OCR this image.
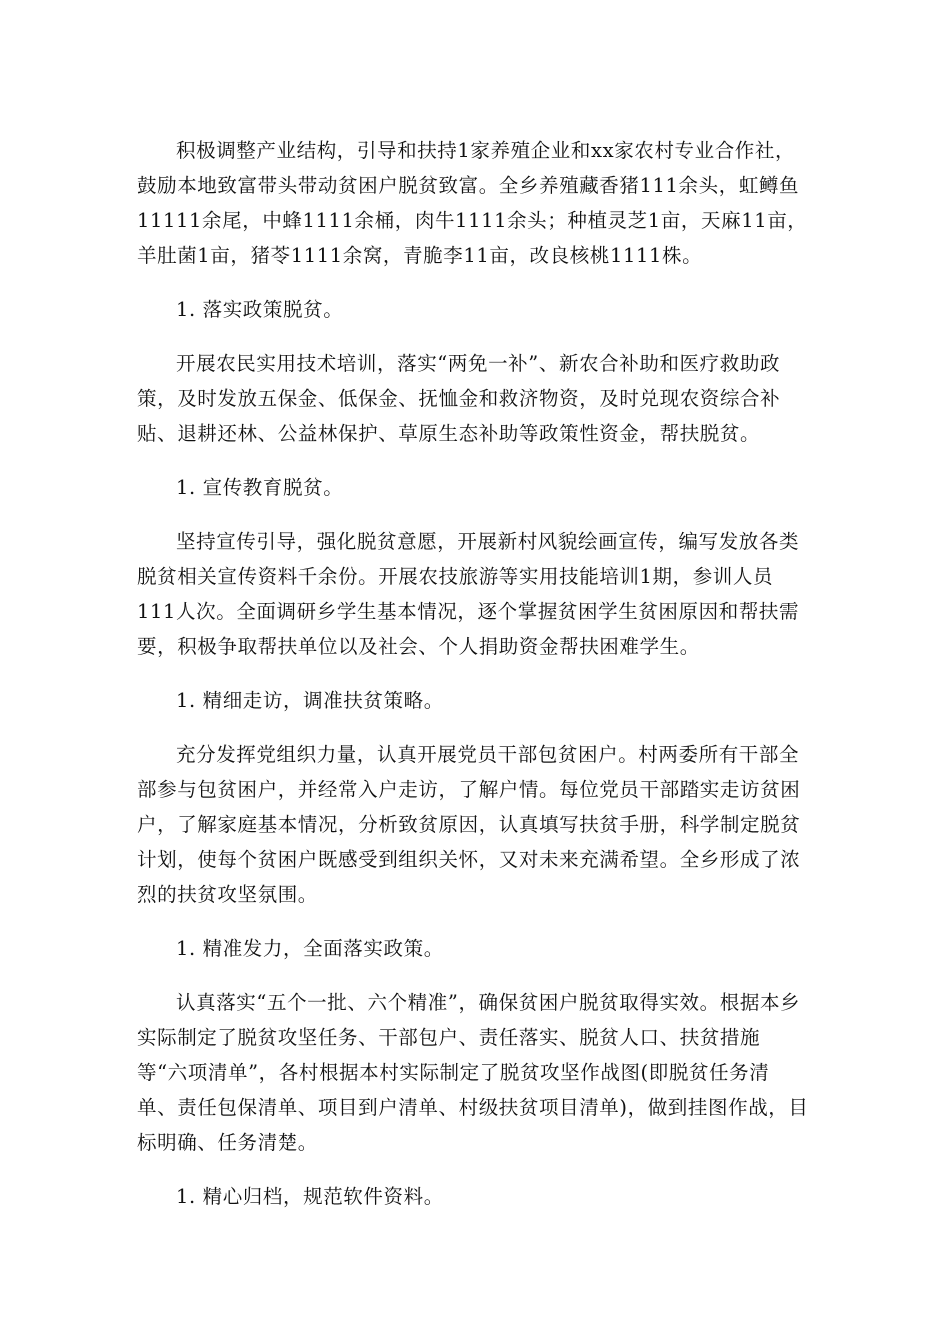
积极调整产业结构，引导和扶持1家养殖企业和xx家农村专业合作社，鼓励本地致富带头带动贫困户脱贫致富。全乡养殖藏香猪111余头，虹鳟鱼11111余尾，中蜂1111余桶，肉牛1111余头；种植灵芝1亩，天麻11亩，羊肚菌1亩，猪苓1111余窝，青脆李11亩，改良核桃1111株。

1. 落实政策脱贫。

开展农民实用技术培训，落实“两免一补”、新农合补助和医疗救助政策，及时发放五保金、低保金、抚恤金和救济物资，及时兑现农资综合补贴、退耕还林、公益林保护、草原生态补助等政策性资金，帮扶脱贫。

1. 宣传教育脱贫。

坚持宣传引导，强化脱贫意愿，开展新村风貌绘画宣传，编写发放各类脱贫相关宣传资料千余份。开展农技旅游等实用技能培训1期，参训人员111人次。全面调研乡学生基本情况，逐个掌握贫困学生贫困原因和帮扶需要，积极争取帮扶单位以及社会、个人捐助资金帮扶困难学生。

1. 精细走访，调准扶贫策略。

充分发挥党组织力量，认真开展党员干部包贫困户。村两委所有干部全部参与包贫困户，并经常入户走访，了解户情。每位党员干部踏实走访贫困户，了解家庭基本情况，分析致贫原因，认真填写扶贫手册，科学制定脱贫计划，使每个贫困户既感受到组织关怀，又对未来充满希望。全乡形成了浓烈的扶贫攻坚氛围。

1. 精准发力，全面落实政策。

认真落实“五个一批、六个精准”，确保贫困户脱贫取得实效。根据本乡实际制定了脱贫攻坚任务、干部包户、责任落实、脱贫人口、扶贫措施等“六项清单”，各村根据本村实际制定了脱贫攻坚作战图(即脱贫任务清单、责任包保清单、项目到户清单、村级扶贫项目清单)，做到挂图作战，目标明确、任务清楚。

1. 精心归档，规范软件资料。
